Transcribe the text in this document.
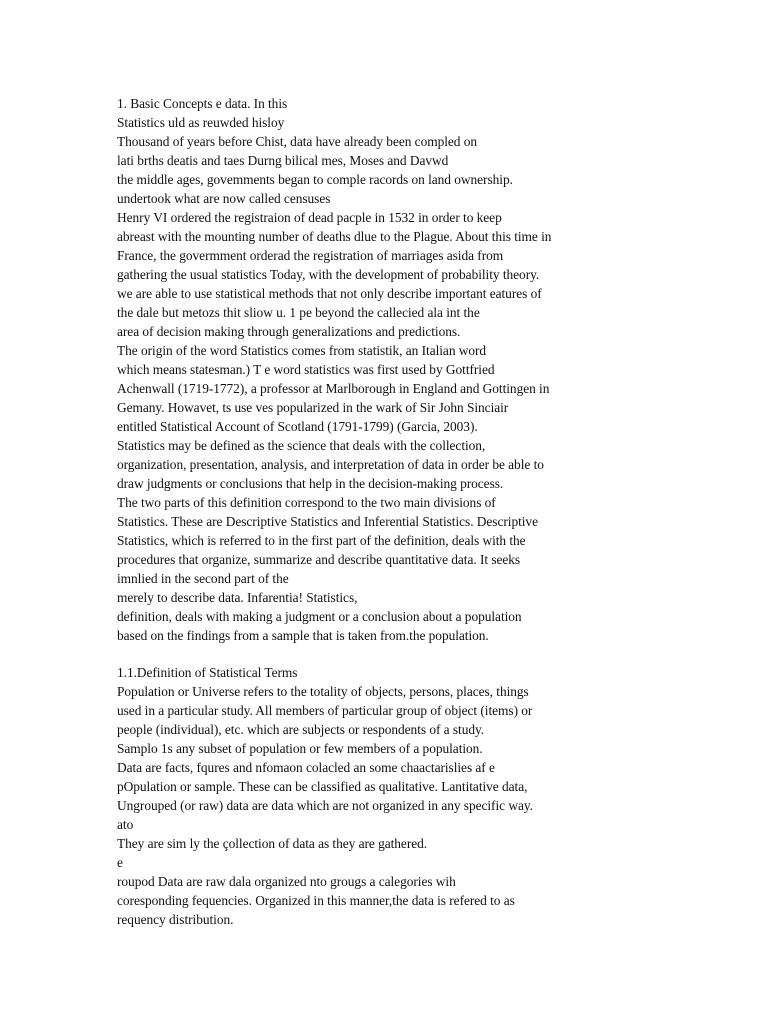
1. Basic Concepts e data. In this
Statistics uld as reuwded hisloy
Thousand of years before Chist, data have already been compled on
lati brths deatis and taes Durng bilical mes, Moses and Davwd
the middle ages, govemments began to comple racords on land ownership.
undertook what are now called censuses
Henry VI ordered the registraion of dead pacple in 1532 in order to keep
abreast with the mounting number of deaths dlue to the Plague. About this time in
France, the govermment orderad the registration of marriages asida from
gathering the usual statistics Today, with the development of probability theory.
we are able to use statistical methods that not only describe important eatures of
the dale but metozs thit sliow u. 1 pe beyond the callecied ala int the
area of decision making through generalizations and predictions.
The origin of the word Statistics comes from statistik, an Italian word
which means statesman.) T e word statistics was first used by Gottfried
Achenwall (1719-1772), a professor at Marlborough in England and Gottingen in
Gemany. Howavet, ts use ves popularized in the wark of Sir John Sinciair
entitled Statistical Account of Scotland (1791-1799) (Garcia, 2003).
Statistics may be defined as the science that deals with the collection,
organization, presentation, analysis, and interpretation of data in order be able to
draw judgments or conclusions that help in the decision-making process.
The two parts of this definition correspond to the two main divisions of
Statistics. These are Descriptive Statistics and Inferential Statistics. Descriptive
Statistics, which is referred to in the first part of the definition, deals with the
procedures that organize, summarize and describe quantitative data. It seeks
imnlied in the second part of the
merely to describe data. Infarentia! Statistics,
definition, deals with making a judgment or a conclusion about a population
based on the findings from a sample that is taken from.the population.
1.1.Definition of Statistical Terms
Population or Universe refers to the totality of objects, persons, places, things
used in a particular study. All members of particular group of object (items) or
people (individual), etc. which are subjects or respondents of a study.
Samplo 1s any subset of population or few members of a population.
Data are facts, fqures and nfomaon colacled an some chaactarislies af e
pOpulation or sample. These can be classified as qualitative. Lantitative data,
Ungrouped (or raw) data are data which are not organized in any specific way.
ato
They are sim ly the çollection of data as they are gathered.
e
roupod Data are raw dala organized nto grougs a calegories wih
coresponding fequencies. Organized in this manner,the data is refered to as
requency distribution.
